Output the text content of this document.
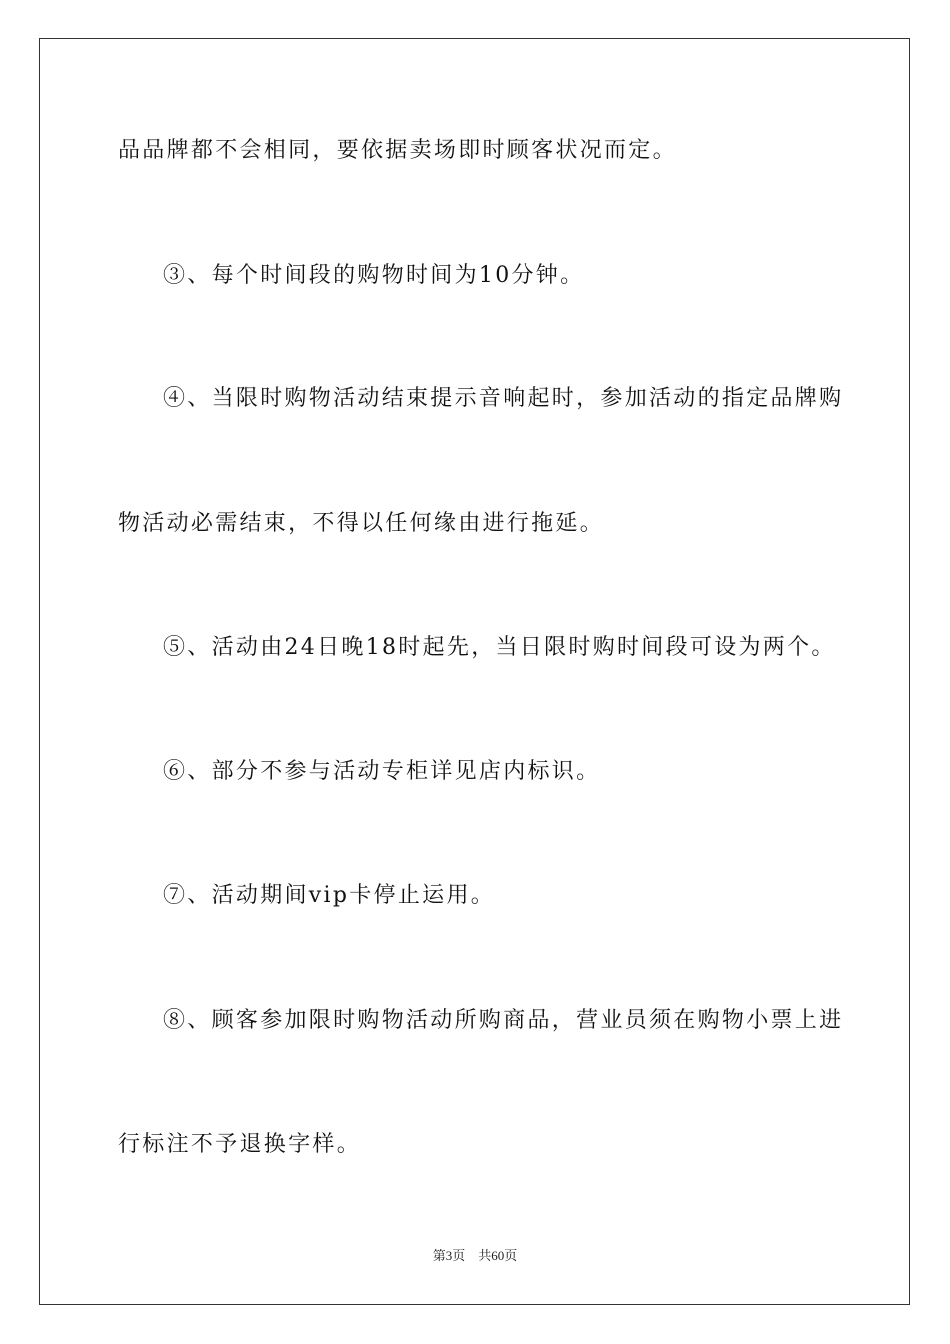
品品牌都不会相同，要依据卖场即时顾客状况而定。
③、每个时间段的购物时间为10分钟。
④、当限时购物活动结束提示音响起时，参加活动的指定品牌购
物活动必需结束，不得以任何缘由进行拖延。
⑤、活动由24日晚18时起先，当日限时购时间段可设为两个。
⑥、部分不参与活动专柜详见店内标识。
⑦、活动期间vip卡停止运用。
⑧、顾客参加限时购物活动所购商品，营业员须在购物小票上进
行标注不予退换字样。
第3页 共60页
